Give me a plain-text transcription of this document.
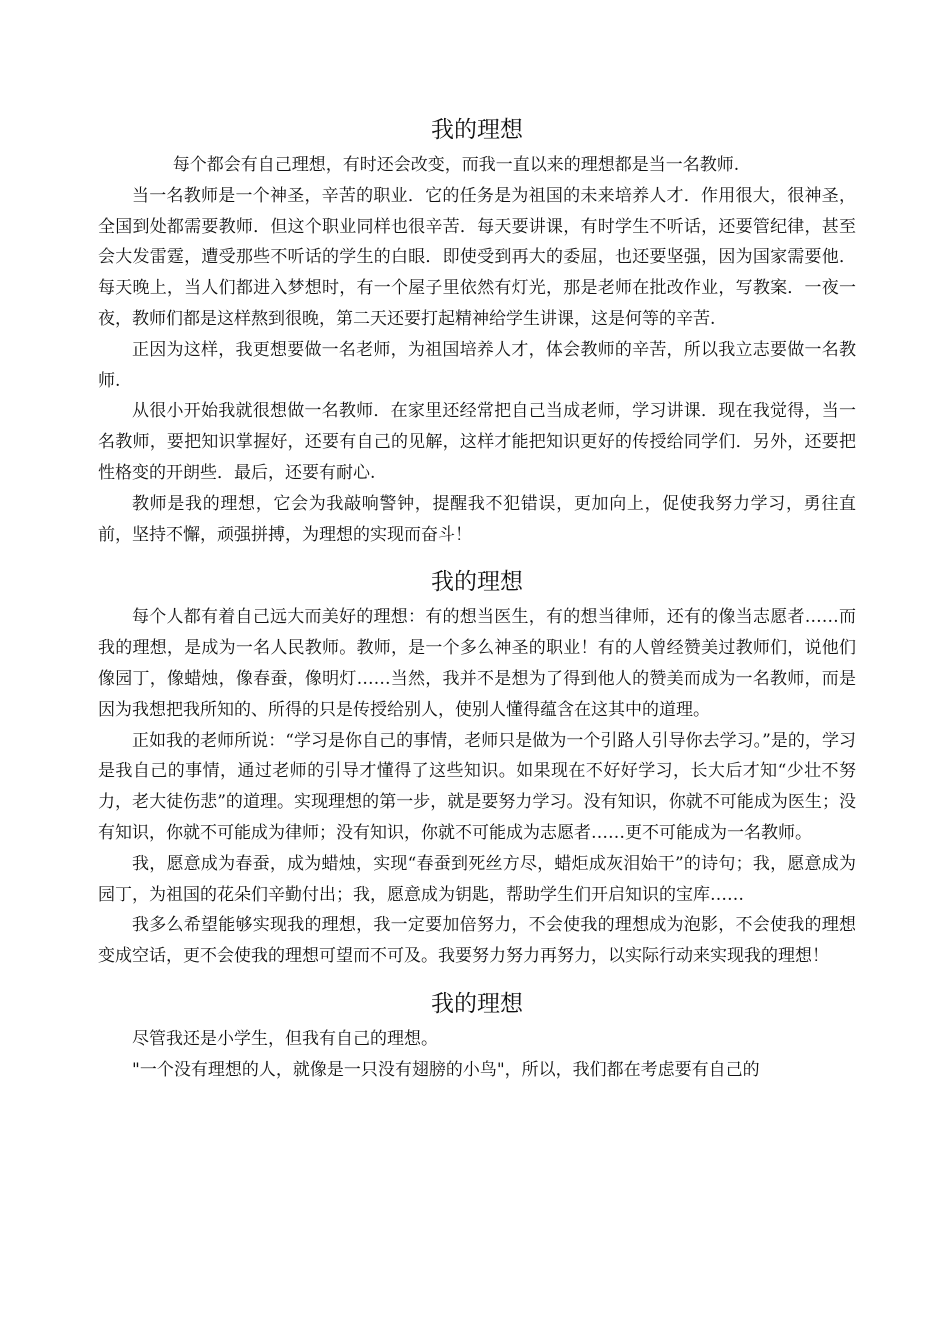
我的理想

每个都会有自己理想，有时还会改变，而我一直以来的理想都是当一名教师.

当一名教师是一个神圣，辛苦的职业．它的任务是为祖国的未来培养人才．作用很大，很神圣，全国到处都需要教师．但这个职业同样也很辛苦．每天要讲课，有时学生不听话，还要管纪律，甚至会大发雷霆，遭受那些不听话的学生的白眼．即使受到再大的委屈，也还要坚强，因为国家需要他．每天晚上，当人们都进入梦想时，有一个屋子里依然有灯光，那是老师在批改作业，写教案．一夜一夜，教师们都是这样熬到很晚，第二天还要打起精神给学生讲课，这是何等的辛苦.

正因为这样，我更想要做一名老师，为祖国培养人才，体会教师的辛苦，所以我立志要做一名教师.

从很小开始我就很想做一名教师．在家里还经常把自己当成老师，学习讲课．现在我觉得，当一名教师，要把知识掌握好，还要有自己的见解，这样才能把知识更好的传授给同学们．另外，还要把性格变的开朗些．最后，还要有耐心.

教师是我的理想，它会为我敲响警钟，提醒我不犯错误，更加向上，促使我努力学习，勇往直前，坚持不懈，顽强拼搏，为理想的实现而奋斗！

我的理想

每个人都有着自己远大而美好的理想：有的想当医生，有的想当律师，还有的像当志愿者……而我的理想，是成为一名人民教师。教师，是一个多么神圣的职业！有的人曾经赞美过教师们，说他们像园丁，像蜡烛，像春蚕，像明灯……当然，我并不是想为了得到他人的赞美而成为一名教师，而是因为我想把我所知的、所得的只是传授给别人，使别人懂得蕴含在这其中的道理。

正如我的老师所说：“学习是你自己的事情，老师只是做为一个引路人引导你去学习。”是的，学习是我自己的事情，通过老师的引导才懂得了这些知识。如果现在不好好学习，长大后才知“少壮不努力，老大徒伤悲”的道理。实现理想的第一步，就是要努力学习。没有知识，你就不可能成为医生；没有知识，你就不可能成为律师；没有知识，你就不可能成为志愿者……更不可能成为一名教师。

我，愿意成为春蚕，成为蜡烛，实现“春蚕到死丝方尽，蜡炬成灰泪始干”的诗句；我，愿意成为园丁，为祖国的花朵们辛勤付出；我，愿意成为钥匙，帮助学生们开启知识的宝库……

我多么希望能够实现我的理想，我一定要加倍努力，不会使我的理想成为泡影，不会使我的理想变成空话，更不会使我的理想可望而不可及。我要努力努力再努力，以实际行动来实现我的理想！

我的理想

尽管我还是小学生，但我有自己的理想。

"一个没有理想的人，就像是一只没有翅膀的小鸟"，所以，我们都在考虑要有自己的
